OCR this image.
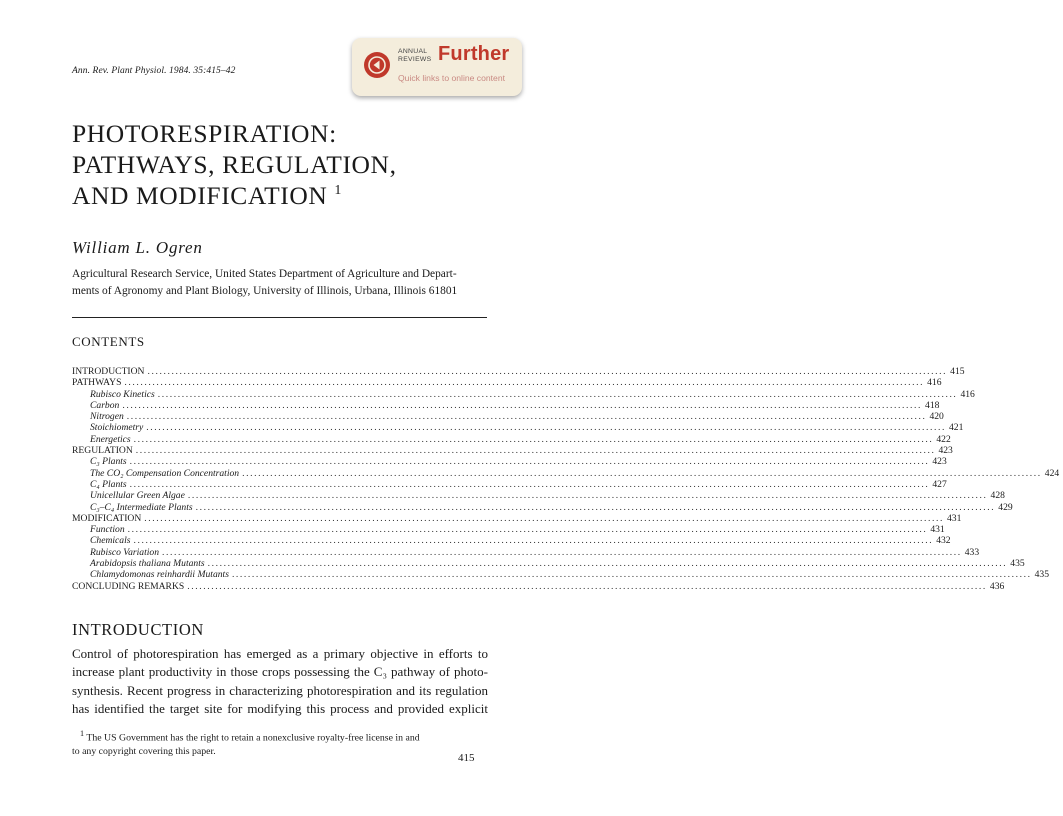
Ann. Rev. Plant Physiol. 1984. 35:415–42
ANNUAL
REVIEWS Further
Quick links to online content
PHOTORESPIRATION:
PATHWAYS, REGULATION,
AND MODIFICATION $^1$
William L. Ogren
Agricultural Research Service, United States Department of Agriculture and Depart-
ments of Agronomy and Plant Biology, University of Illinois, Urbana, Illinois 61801
CONTENTS
INTRODUCTION ........................................................................................................................................................................................................ 415
PATHWAYS ........................................................................................................................................................................................................ 416
Rubisco Kinetics ........................................................................................................................................................................................................ 416
Carbon ........................................................................................................................................................................................................ 418
Nitrogen ........................................................................................................................................................................................................ 420
Stoichiometry ........................................................................................................................................................................................................ 421
Energetics ........................................................................................................................................................................................................ 422
REGULATION ........................................................................................................................................................................................................ 423
C₃ Plants ........................................................................................................................................................................................................ 423
The CO₂ Compensation Concentration ........................................................................................................................................................................................................ 424
C₄ Plants ........................................................................................................................................................................................................ 427
Unicellular Green Algae ........................................................................................................................................................................................................ 428
C₃–C₄ Intermediate Plants ........................................................................................................................................................................................................ 429
MODIFICATION ........................................................................................................................................................................................................ 431
Function ........................................................................................................................................................................................................ 431
Chemicals ........................................................................................................................................................................................................ 432
Rubisco Variation ........................................................................................................................................................................................................ 433
Arabidopsis thaliana Mutants ........................................................................................................................................................................................................ 435
Chlamydomonas reinhardii Mutants ........................................................................................................................................................................................................ 435
CONCLUDING REMARKS ........................................................................................................................................................................................................ 436
INTRODUCTION
Control of photorespiration has emerged as a primary objective in efforts to
increase plant productivity in those crops possessing the C₃ pathway of photo-
synthesis. Recent progress in characterizing photorespiration and its regulation
has identified the target site for modifying this process and provided explicit
$^1$ The US Government has the right to retain a nonexclusive royalty-free license in and
to any copyright covering this paper.
415
